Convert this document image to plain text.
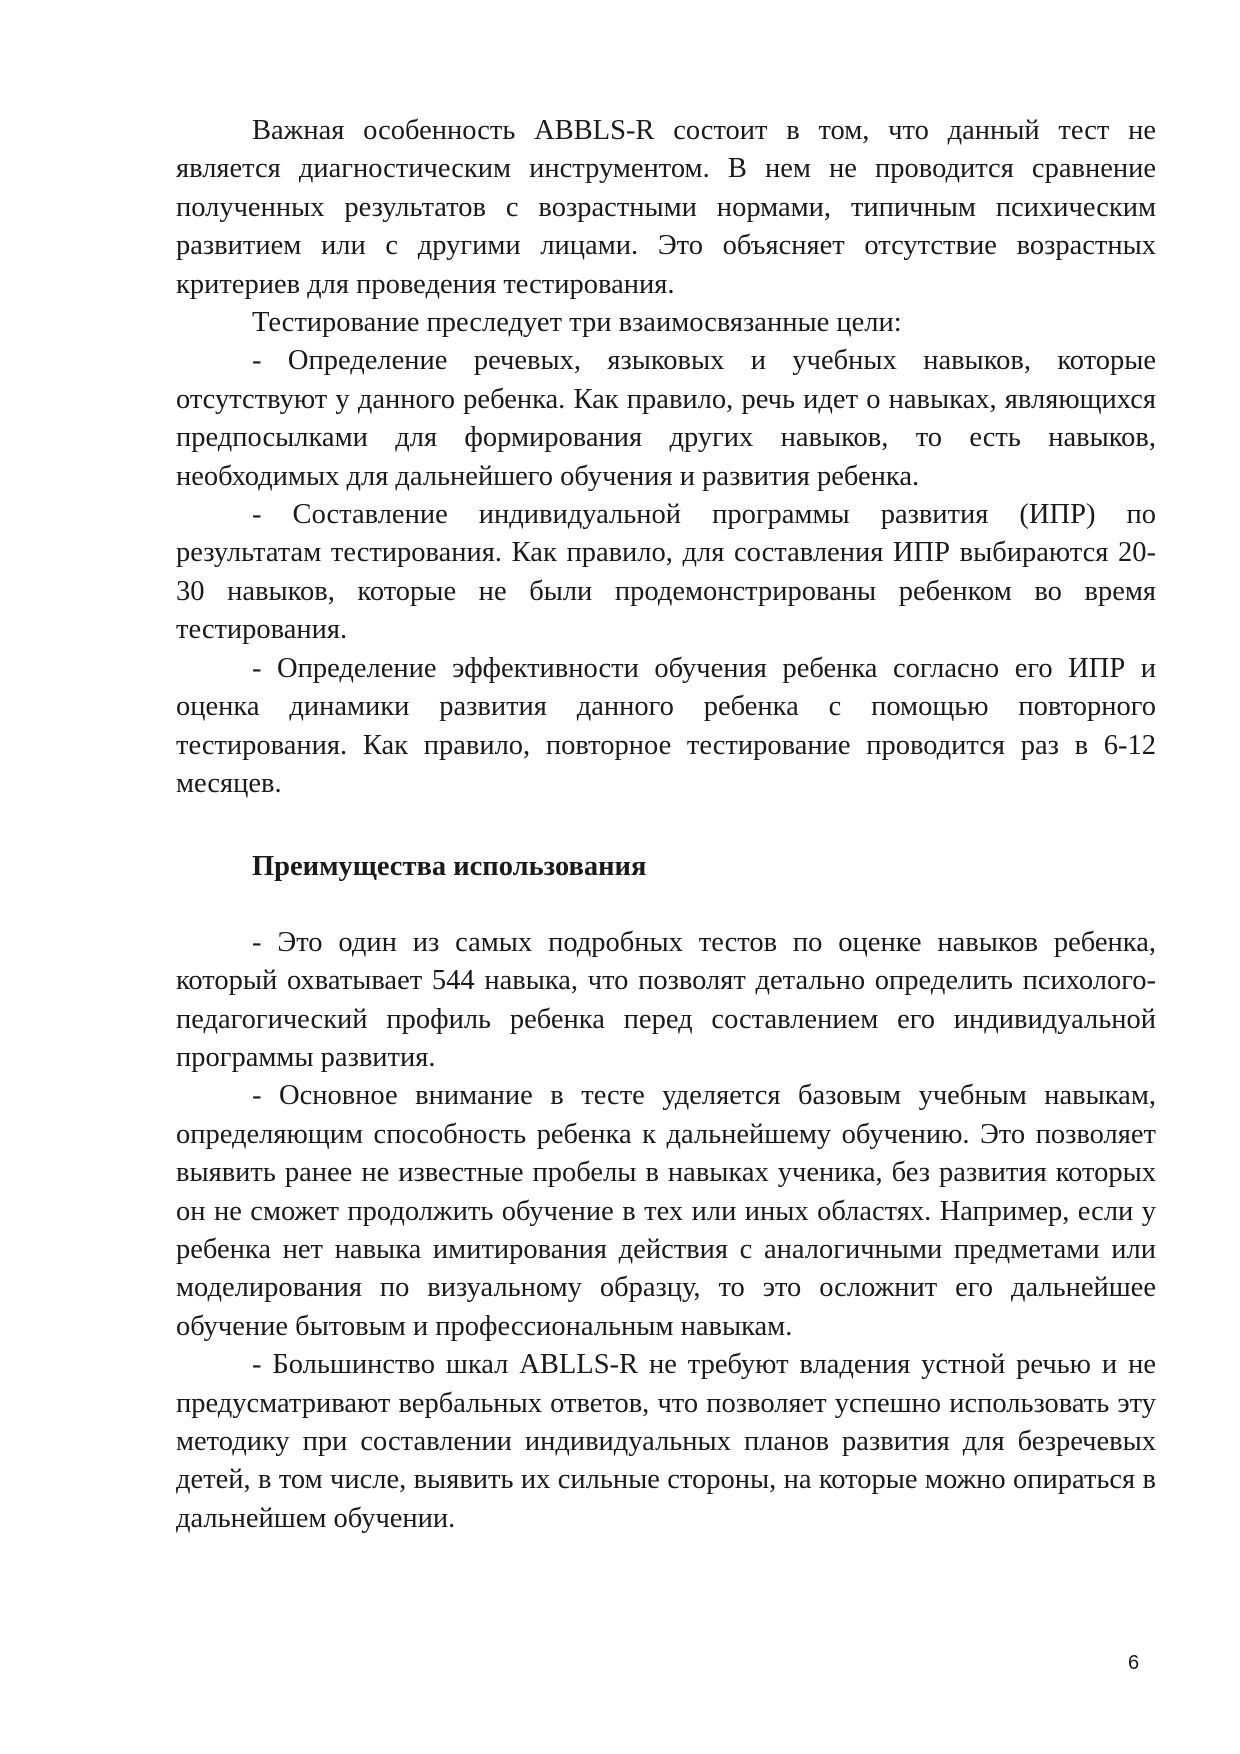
Важная особенность ABBLS-R состоит в том, что данный тест не является диагностическим инструментом. В нем не проводится сравнение полученных результатов с возрастными нормами, типичным психическим развитием или с другими лицами. Это объясняет отсутствие возрастных критериев для проведения тестирования.

Тестирование преследует три взаимосвязанные цели:

- Определение речевых, языковых и учебных навыков, которые отсутствуют у данного ребенка. Как правило, речь идет о навыках, являющихся предпосылками для формирования других навыков, то есть навыков, необходимых для дальнейшего обучения и развития ребенка.

- Составление индивидуальной программы развития (ИПР) по результатам тестирования. Как правило, для составления ИПР выбираются 20-30 навыков, которые не были продемонстрированы ребенком во время тестирования.

- Определение эффективности обучения ребенка согласно его ИПР и оценка динамики развития данного ребенка с помощью повторного тестирования. Как правило, повторное тестирование проводится раз в 6-12 месяцев.

Преимущества использования

- Это один из самых подробных тестов по оценке навыков ребенка, который охватывает 544 навыка, что позволят детально определить психолого-педагогический профиль ребенка перед составлением его индивидуальной программы развития.

- Основное внимание в тесте уделяется базовым учебным навыкам, определяющим способность ребенка к дальнейшему обучению. Это позволяет выявить ранее не известные пробелы в навыках ученика, без развития которых он не сможет продолжить обучение в тех или иных областях. Например, если у ребенка нет навыка имитирования действия с аналогичными предметами или моделирования по визуальному образцу, то это осложнит его дальнейшее обучение бытовым и профессиональным навыкам.

- Большинство шкал ABLLS-R не требуют владения устной речью и не предусматривают вербальных ответов, что позволяет успешно использовать эту методику при составлении индивидуальных планов развития для безречевых детей, в том числе, выявить их сильные стороны, на которые можно опираться в дальнейшем обучении.

6
